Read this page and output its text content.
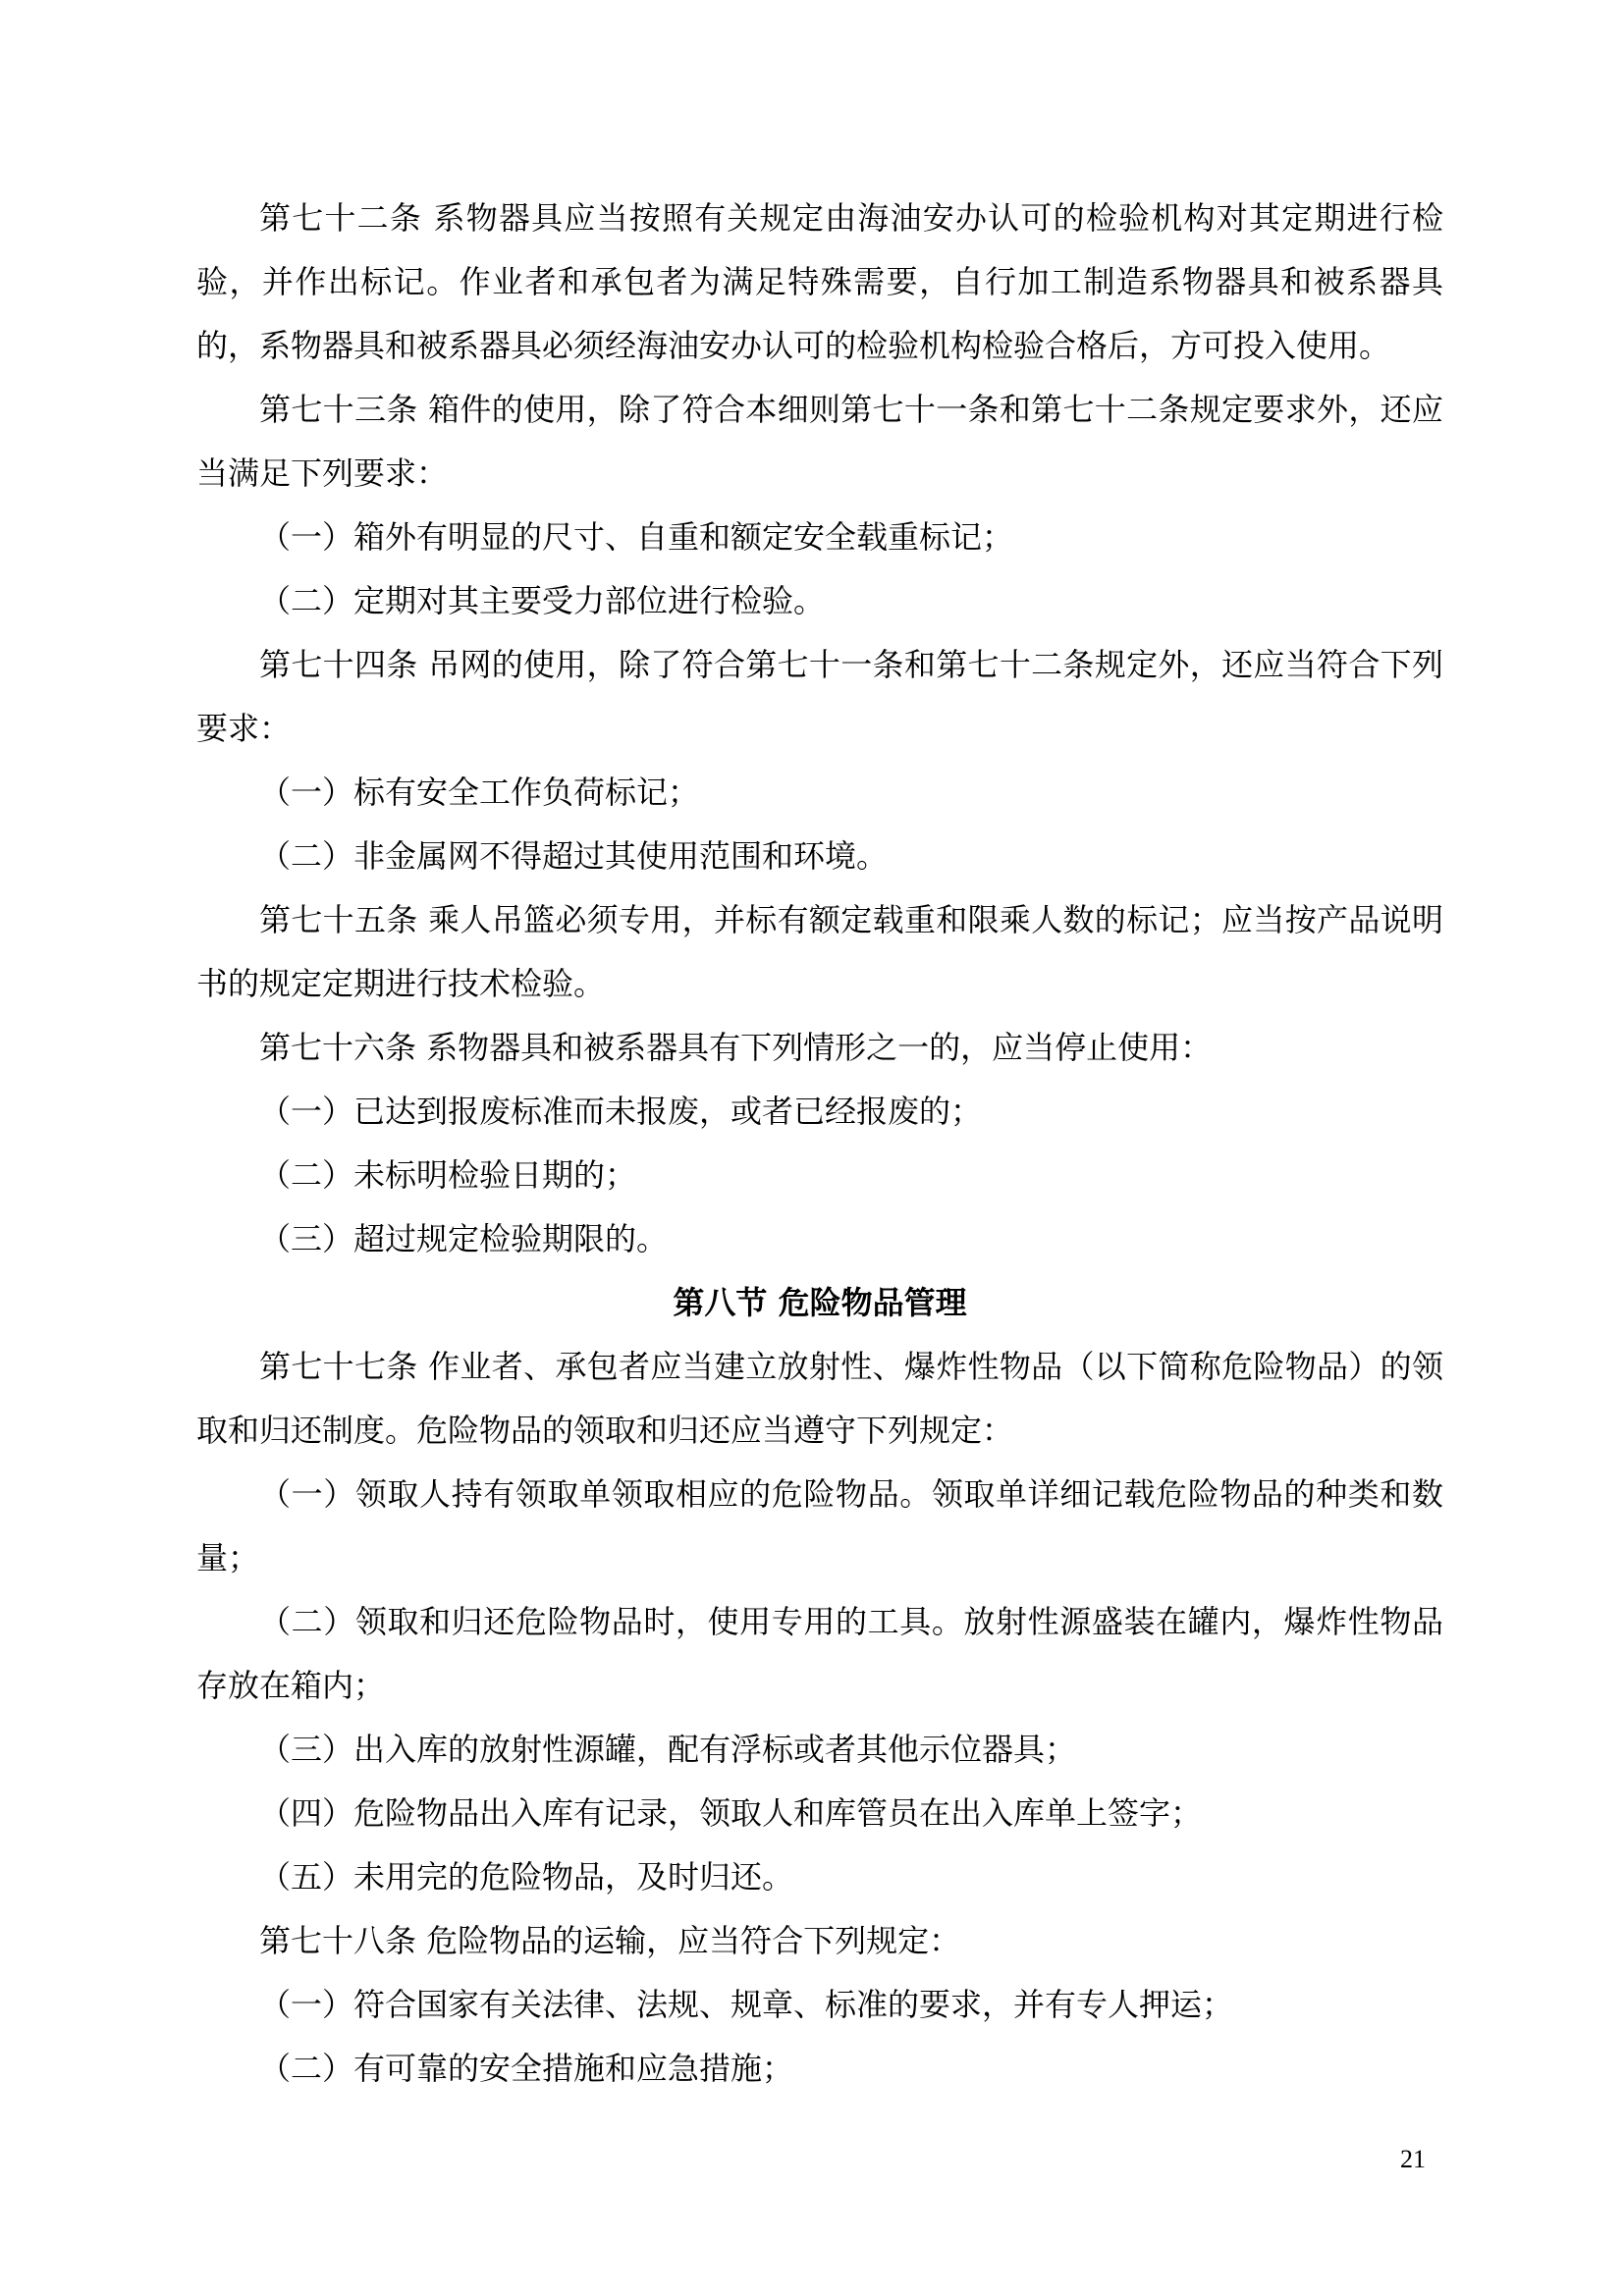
第七十二条 系物器具应当按照有关规定由海油安办认可的检验机构对其定期进行检验，并作出标记。作业者和承包者为满足特殊需要，自行加工制造系物器具和被系器具的，系物器具和被系器具必须经海油安办认可的检验机构检验合格后，方可投入使用。

第七十三条 箱件的使用，除了符合本细则第七十一条和第七十二条规定要求外，还应当满足下列要求：

（一）箱外有明显的尺寸、自重和额定安全载重标记；

（二）定期对其主要受力部位进行检验。

第七十四条 吊网的使用，除了符合第七十一条和第七十二条规定外，还应当符合下列要求：

（一）标有安全工作负荷标记；

（二）非金属网不得超过其使用范围和环境。

第七十五条 乘人吊篮必须专用，并标有额定载重和限乘人数的标记；应当按产品说明书的规定定期进行技术检验。

第七十六条 系物器具和被系器具有下列情形之一的，应当停止使用：

（一）已达到报废标准而未报废，或者已经报废的；

（二）未标明检验日期的；

（三）超过规定检验期限的。

第八节 危险物品管理

第七十七条 作业者、承包者应当建立放射性、爆炸性物品（以下简称危险物品）的领取和归还制度。危险物品的领取和归还应当遵守下列规定：

（一）领取人持有领取单领取相应的危险物品。领取单详细记载危险物品的种类和数量；

（二）领取和归还危险物品时，使用专用的工具。放射性源盛装在罐内，爆炸性物品存放在箱内；

（三）出入库的放射性源罐，配有浮标或者其他示位器具；

（四）危险物品出入库有记录，领取人和库管员在出入库单上签字；

（五）未用完的危险物品，及时归还。

第七十八条 危险物品的运输，应当符合下列规定：

（一）符合国家有关法律、法规、规章、标准的要求，并有专人押运；

（二）有可靠的安全措施和应急措施；

21
